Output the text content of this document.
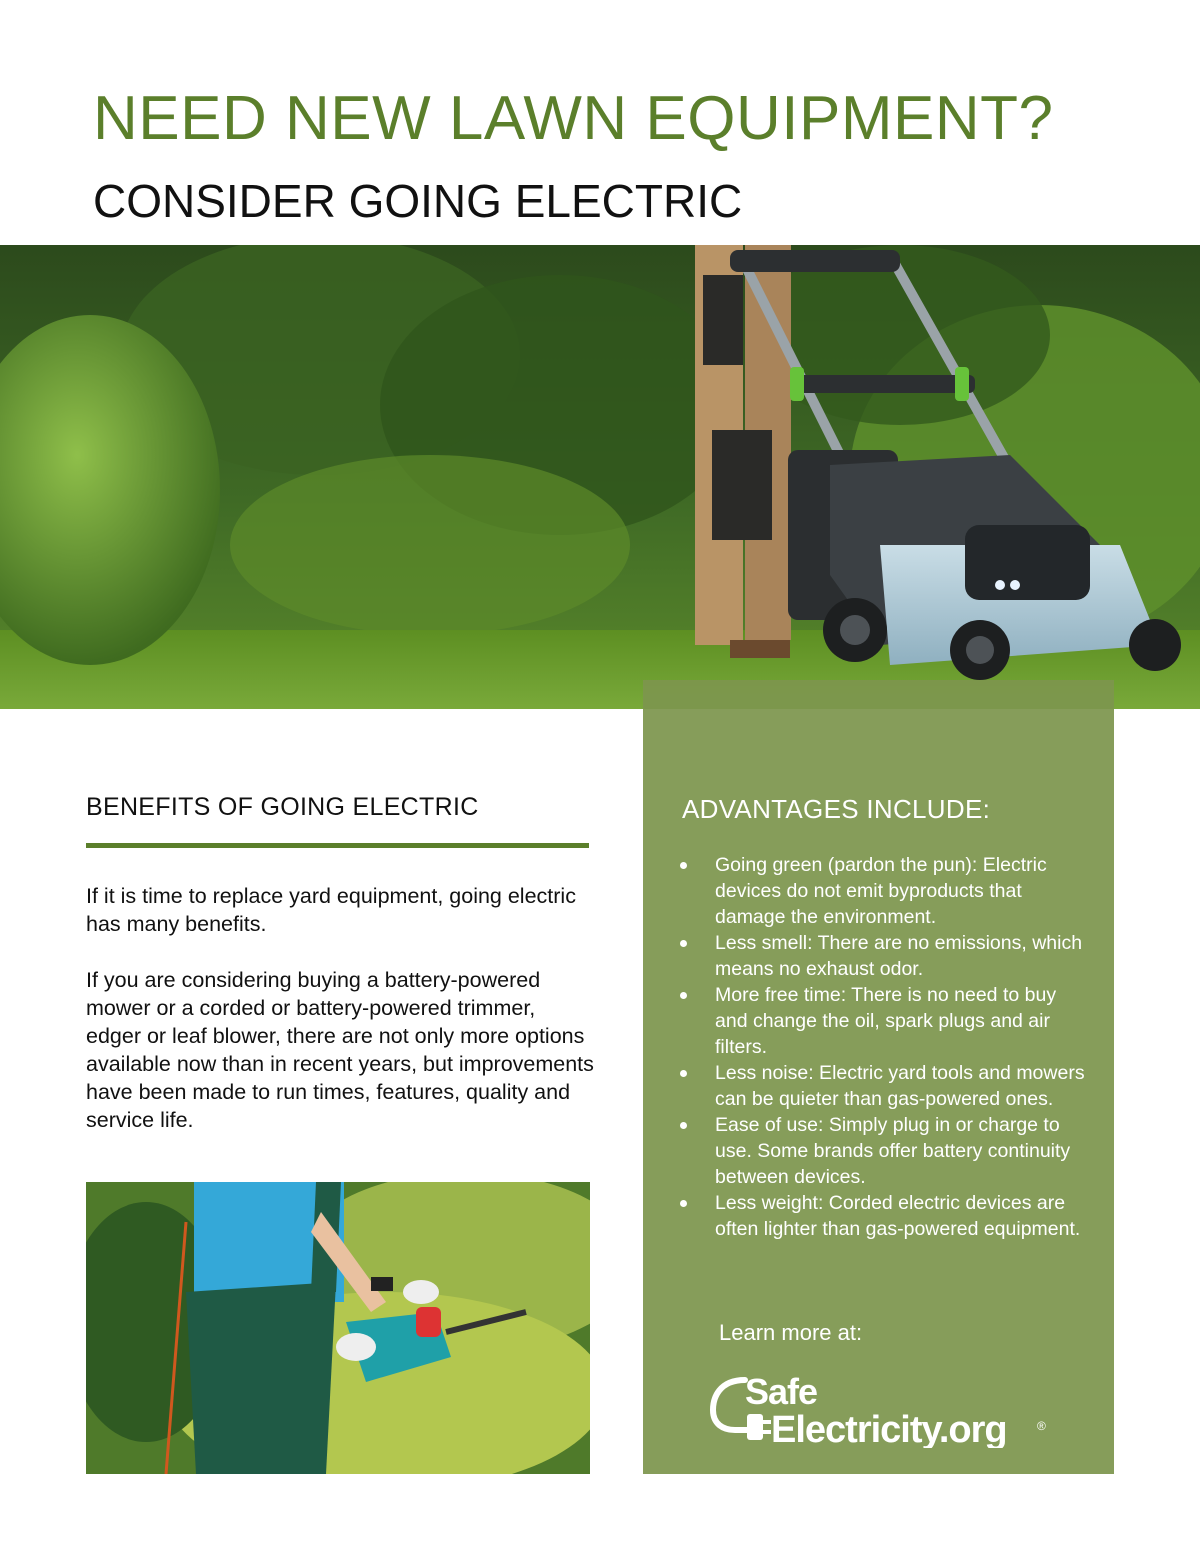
NEED NEW LAWN EQUIPMENT?
CONSIDER GOING ELECTRIC
BENEFITS OF GOING ELECTRIC

If it is time to replace yard equipment, going electric has many benefits.

If you are considering buying a battery-powered mower or a corded or battery-powered trimmer, edger or leaf blower, there are not only more options available now than in recent years, but improvements have been made to run times, features, quality and service life.

ADVANTAGES INCLUDE:
Going green (pardon the pun): Electric devices do not emit byproducts that damage the environment.
Less smell: There are no emissions, which means no exhaust odor.
More free time: There is no need to buy and change the oil, spark plugs and air filters.
Less noise: Electric yard tools and mowers can be quieter than gas-powered ones.
Ease of use: Simply plug in or charge to use. Some brands offer battery continuity between devices.
Less weight: Corded electric devices are often lighter than gas-powered equipment.
Learn more at:
Safe
Electricity.org	®
